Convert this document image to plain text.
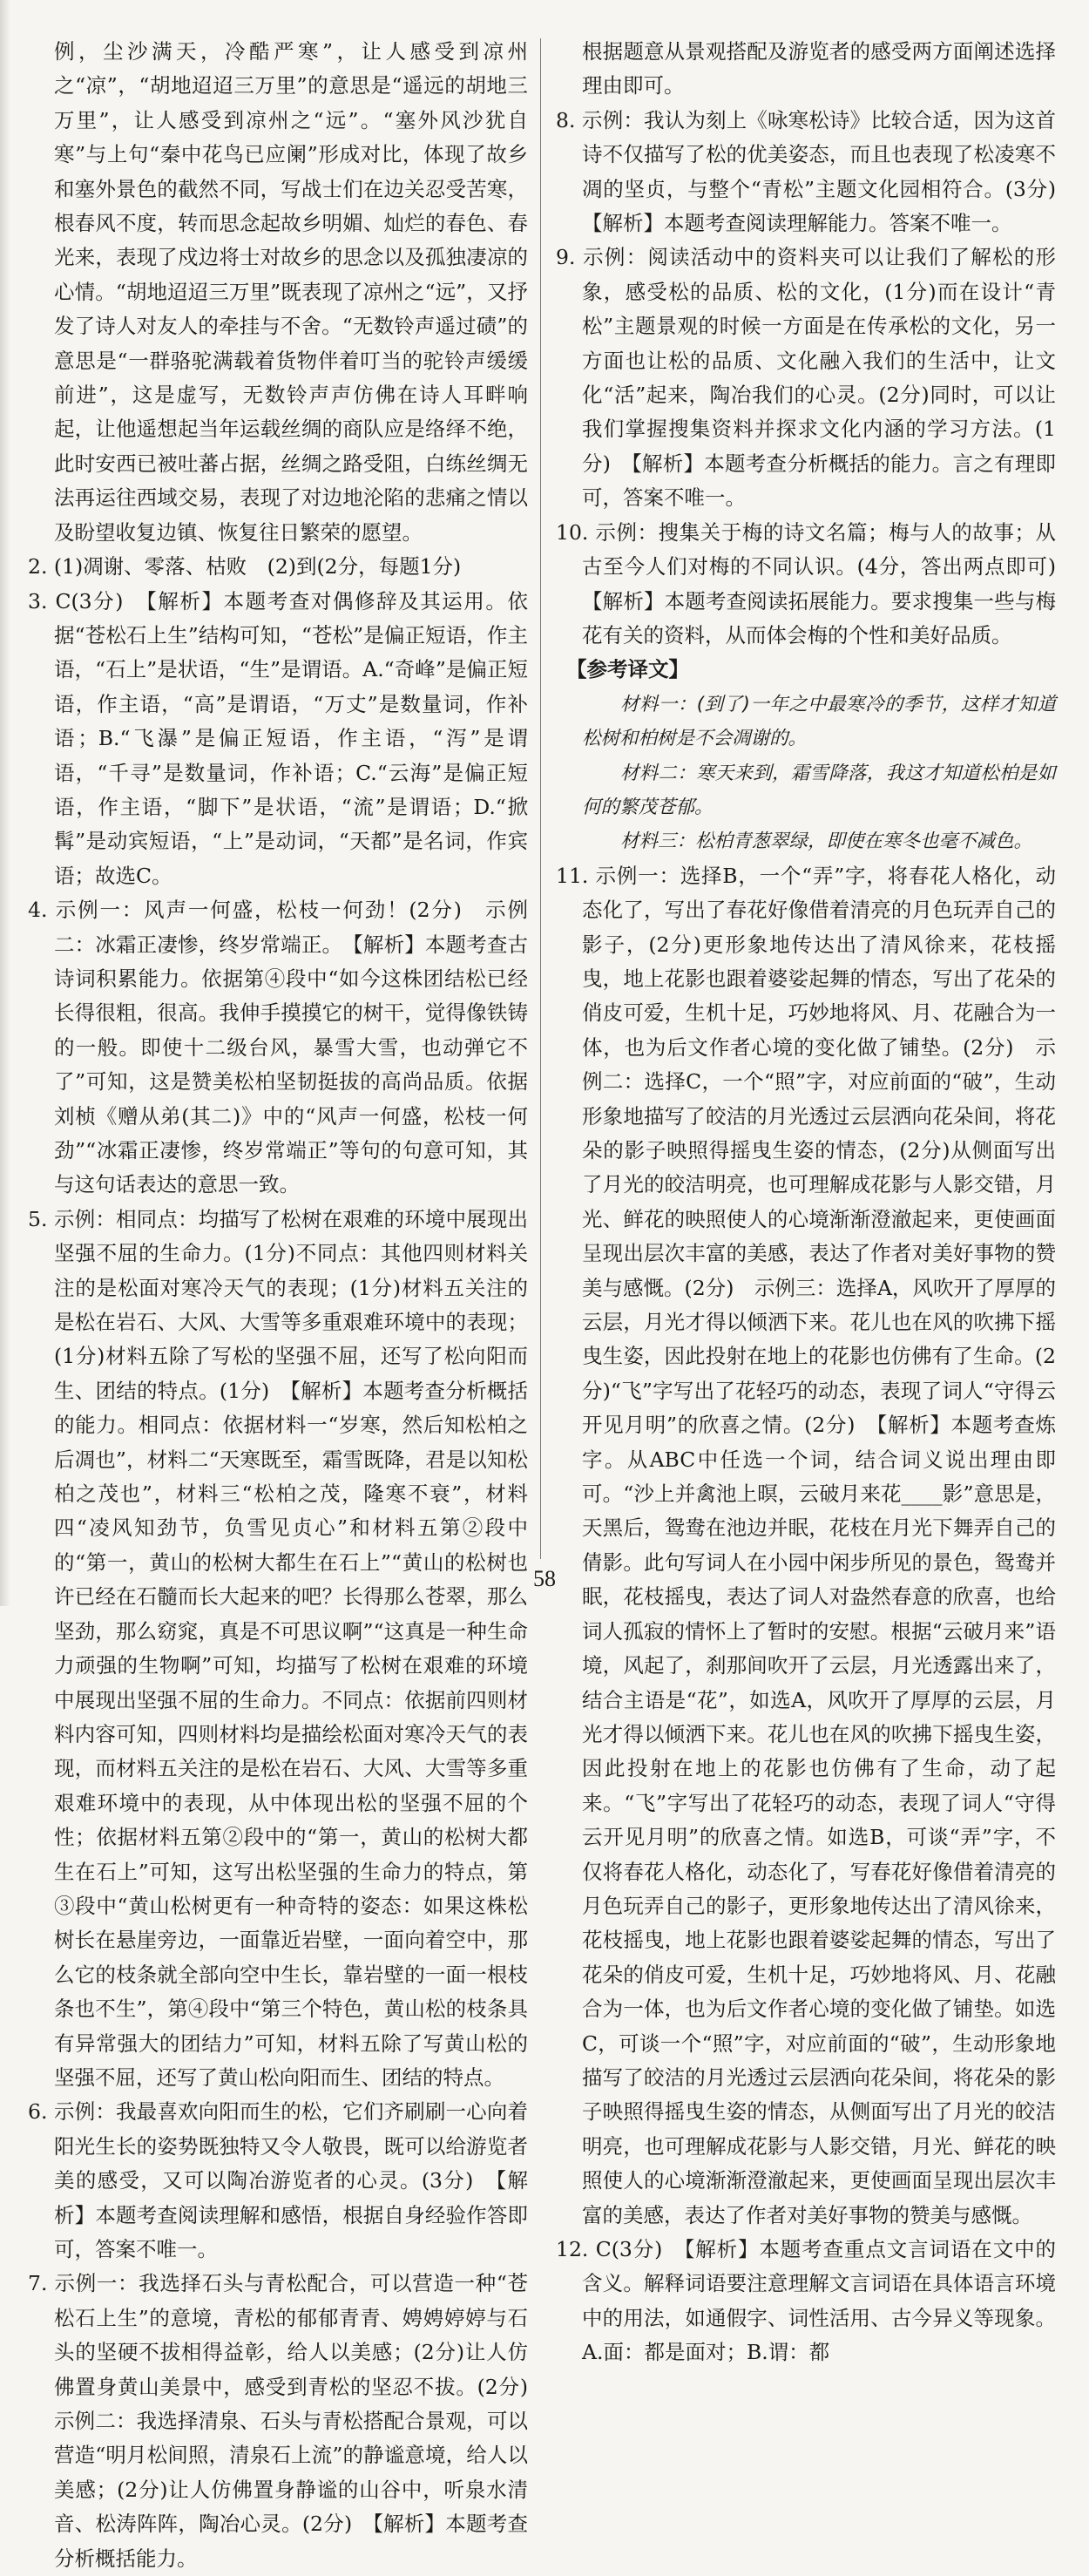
例，尘沙满天，冷酷严寒”，让人感受到凉州之“凉”，“胡地迢迢三万里”的意思是“遥远的胡地三万里”，让人感受到凉州之“远”。“塞外风沙犹自寒”与上句“秦中花鸟已应阑”形成对比，体现了故乡和塞外景色的截然不同，写战士们在边关忍受苦寒，根春风不度，转而思念起故乡明媚、灿烂的春色、春光来，表现了戍边将士对故乡的思念以及孤独凄凉的心情。“胡地迢迢三万里”既表现了凉州之“远”，又抒发了诗人对友人的牵挂与不舍。“无数铃声遥过碛”的意思是“一群骆驼满载着货物伴着叮当的驼铃声缓缓前进”，这是虚写，无数铃声声仿佛在诗人耳畔响起，让他遥想起当年运载丝绸的商队应是络绎不绝，此时安西已被吐蕃占据，丝绸之路受阻，白练丝绸无法再运往西域交易，表现了对边地沦陷的悲痛之情以及盼望收复边镇、恢复往日繁荣的愿望。

2. (1)凋谢、零落、枯败　(2)到(2分，每题1分)

3. C(3分)　【解析】本题考查对偶修辞及其运用。依据“苍松石上生”结构可知，“苍松”是偏正短语，作主语，“石上”是状语，“生”是谓语。A.“奇峰”是偏正短语，作主语，“高”是谓语，“万丈”是数量词，作补语；B.“飞瀑”是偏正短语，作主语，“泻”是谓语，“千寻”是数量词，作补语；C.“云海”是偏正短语，作主语，“脚下”是状语，“流”是谓语；D.“掀髯”是动宾短语，“上”是动词，“天都”是名词，作宾语；故选C。

4. 示例一：风声一何盛，松枝一何劲！(2分)　示例二：冰霜正凄惨，终岁常端正。　【解析】本题考查古诗词积累能力。依据第④段中“如今这株团结松已经长得很粗，很高。我伸手摸摸它的树干，觉得像铁铸的一般。即使十二级台风，暴雪大雪，也动弹它不了”可知，这是赞美松柏坚韧挺拔的高尚品质。依据刘桢《赠从弟(其二)》中的“风声一何盛，松枝一何劲”“冰霜正凄惨，终岁常端正”等句的句意可知，其与这句话表达的意思一致。

5. 示例：相同点：均描写了松树在艰难的环境中展现出坚强不屈的生命力。(1分)不同点：其他四则材料关注的是松面对寒冷天气的表现；(1分)材料五关注的是松在岩石、大风、大雪等多重艰难环境中的表现；(1分)材料五除了写松的坚强不屈，还写了松向阳而生、团结的特点。(1分)　【解析】本题考查分析概括的能力。相同点：依据材料一“岁寒，然后知松柏之后凋也”，材料二“天寒既至，霜雪既降，君是以知松柏之茂也”，材料三“松柏之茂，隆寒不衰”，材料四“凌风知劲节，负雪见贞心”和材料五第②段中的“第一，黄山的松树大都生在石上”“黄山的松树也许已经在石髓而长大起来的吧？长得那么苍翠，那么坚劲，那么窈窕，真是不可思议啊”“这真是一种生命力顽强的生物啊”可知，均描写了松树在艰难的环境中展现出坚强不屈的生命力。不同点：依据前四则材料内容可知，四则材料均是描绘松面对寒冷天气的表现，而材料五关注的是松在岩石、大风、大雪等多重艰难环境中的表现，从中体现出松的坚强不屈的个性；依据材料五第②段中的“第一，黄山的松树大都生在石上”可知，这写出松坚强的生命力的特点，第③段中“黄山松树更有一种奇特的姿态：如果这株松树长在悬崖旁边，一面靠近岩壁，一面向着空中，那么它的枝条就全部向空中生长，靠岩壁的一面一根枝条也不生”，第④段中“第三个特色，黄山松的枝条具有异常强大的团结力”可知，材料五除了写黄山松的坚强不屈，还写了黄山松向阳而生、团结的特点。

6. 示例：我最喜欢向阳而生的松，它们齐刷刷一心向着阳光生长的姿势既独特又令人敬畏，既可以给游览者美的感受，又可以陶冶游览者的心灵。(3分)　【解析】本题考查阅读理解和感悟，根据自身经验作答即可，答案不唯一。

7. 示例一：我选择石头与青松配合，可以营造一种“苍松石上生”的意境，青松的郁郁青青、娉娉婷婷与石头的坚硬不拔相得益彰，给人以美感；(2分)让人仿佛置身黄山美景中，感受到青松的坚忍不拔。(2分)　示例二：我选择清泉、石头与青松搭配合景观，可以营造“明月松间照，清泉石上流”的静谧意境，给人以美感；(2分)让人仿佛置身静谧的山谷中，听泉水清音、松涛阵阵，陶冶心灵。(2分)　【解析】本题考查分析概括能力。

根据题意从景观搭配及游览者的感受两方面阐述选择理由即可。

8. 示例：我认为刻上《咏寒松诗》比较合适，因为这首诗不仅描写了松的优美姿态，而且也表现了松凌寒不凋的坚贞，与整个“青松”主题文化园相符合。(3分)　【解析】本题考查阅读理解能力。答案不唯一。

9. 示例：阅读活动中的资料夹可以让我们了解松的形象，感受松的品质、松的文化，(1分)而在设计“青松”主题景观的时候一方面是在传承松的文化，另一方面也让松的品质、文化融入我们的生活中，让文化“活”起来，陶冶我们的心灵。(2分)同时，可以让我们掌握搜集资料并探求文化内涵的学习方法。(1分)　【解析】本题考查分析概括的能力。言之有理即可，答案不唯一。

10. 示例：搜集关于梅的诗文名篇；梅与人的故事；从古至今人们对梅的不同认识。(4分，答出两点即可)　【解析】本题考查阅读拓展能力。要求搜集一些与梅花有关的资料，从而体会梅的个性和美好品质。

【参考译文】

材料一：(到了)一年之中最寒冷的季节，这样才知道松树和柏树是不会凋谢的。

材料二：寒天来到，霜雪降落，我这才知道松柏是如何的繁茂苍郁。

材料三：松柏青葱翠绿，即使在寒冬也毫不减色。

11. 示例一：选择B，一个“弄”字，将春花人格化，动态化了，写出了春花好像借着清亮的月色玩弄自己的影子，(2分)更形象地传达出了清风徐来，花枝摇曳，地上花影也跟着婆娑起舞的情态，写出了花朵的俏皮可爱，生机十足，巧妙地将风、月、花融合为一体，也为后文作者心境的变化做了铺垫。(2分)　示例二：选择C，一个“照”字，对应前面的“破”，生动形象地描写了皎洁的月光透过云层洒向花朵间，将花朵的影子映照得摇曳生姿的情态，(2分)从侧面写出了月光的皎洁明亮，也可理解成花影与人影交错，月光、鲜花的映照使人的心境渐渐澄澈起来，更使画面呈现出层次丰富的美感，表达了作者对美好事物的赞美与感慨。(2分)　示例三：选择A，风吹开了厚厚的云层，月光才得以倾洒下来。花儿也在风的吹拂下摇曳生姿，因此投射在地上的花影也仿佛有了生命。(2分)“飞”字写出了花轻巧的动态，表现了词人“守得云开见月明”的欣喜之情。(2分)　【解析】本题考查炼字。从ABC中任选一个词，结合词义说出理由即可。“沙上并禽池上暝，云破月来花____影”意思是，天黑后，鸳鸯在池边并眠，花枝在月光下舞弄自己的倩影。此句写词人在小园中闲步所见的景色，鸳鸯并眠，花枝摇曳，表达了词人对盎然春意的欣喜，也给词人孤寂的情怀上了暂时的安慰。根据“云破月来”语境，风起了，刹那间吹开了云层，月光透露出来了，结合主语是“花”，如选A，风吹开了厚厚的云层，月光才得以倾洒下来。花儿也在风的吹拂下摇曳生姿，因此投射在地上的花影也仿佛有了生命，动了起来。“飞”字写出了花轻巧的动态，表现了词人“守得云开见月明”的欣喜之情。如选B，可谈“弄”字，不仅将春花人格化，动态化了，写春花好像借着清亮的月色玩弄自己的影子，更形象地传达出了清风徐来，花枝摇曳，地上花影也跟着婆娑起舞的情态，写出了花朵的俏皮可爱，生机十足，巧妙地将风、月、花融合为一体，也为后文作者心境的变化做了铺垫。如选C，可谈一个“照”字，对应前面的“破”，生动形象地描写了皎洁的月光透过云层洒向花朵间，将花朵的影子映照得摇曳生姿的情态，从侧面写出了月光的皎洁明亮，也可理解成花影与人影交错，月光、鲜花的映照使人的心境渐渐澄澈起来，更使画面呈现出层次丰富的美感，表达了作者对美好事物的赞美与感慨。

12. C(3分)　【解析】本题考查重点文言词语在文中的含义。解释词语要注意理解文言词语在具体语言环境中的用法，如通假字、词性活用、古今异义等现象。A.面：都是面对；B.谓：都

58
